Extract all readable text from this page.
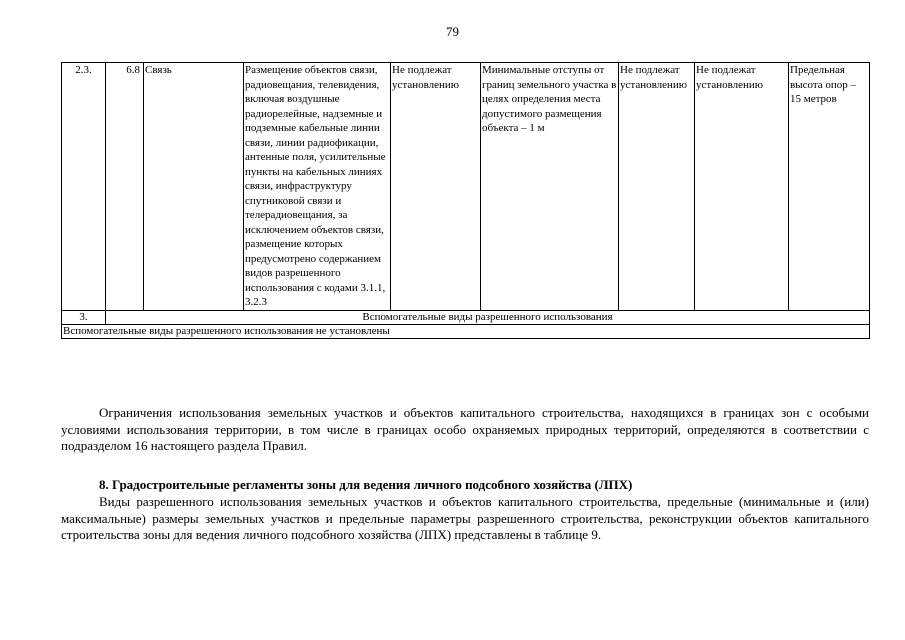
79
2.3.	6.8	Связь	Размещение объектов связи, радиовещания, телевидения, включая воздушные радиорелейные, надземные и подземные кабельные линии связи, линии радиофикации, антенные поля, усилительные пункты на кабельных линиях связи, инфраструктуру спутниковой связи и телерадиовещания, за исключением объектов связи, размещение которых предусмотрено содержанием видов разрешенного использования с кодами 3.1.1, 3.2.3	Не подлежат установлению	Минимальные отступы от границ земельного участка в целях определения места допустимого размещения объекта – 1 м	Не подлежат установлению	Не подлежат установлению	Предельная высота опор – 15 метров
3.	Вспомогательные виды разрешенного использования							
Вспомогательные виды разрешенного использования не установлены								
Ограничения использования земельных участков и объектов капитального строительства, находящихся в границах зон с особыми условиями использования территории, в том числе в границах особо охраняемых природных территорий, определяются в соответствии с подразделом 16 настоящего раздела Правил.
8. Градостроительные регламенты зоны для ведения личного подсобного хозяйства (ЛПХ)
Виды разрешенного использования земельных участков и объектов капитального строительства, предельные (минимальные и (или) максимальные) размеры земельных участков и предельные параметры разрешенного строительства, реконструкции объектов капитального строительства зоны для ведения личного подсобного хозяйства (ЛПХ) представлены в таблице 9.
